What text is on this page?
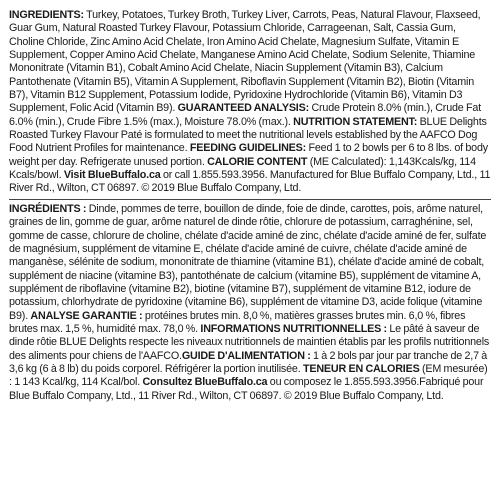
INGREDIENTS: Turkey, Potatoes, Turkey Broth, Turkey Liver, Carrots, Peas, Natural Flavour, Flaxseed, Guar Gum, Natural Roasted Turkey Flavour, Potassium Chloride, Carrageenan, Salt, Cassia Gum, Choline Chloride, Zinc Amino Acid Chelate, Iron Amino Acid Chelate, Magnesium Sulfate, Vitamin E Supplement, Copper Amino Acid Chelate, Manganese Amino Acid Chelate, Sodium Selenite, Thiamine Mononitrate (Vitamin B1), Cobalt Amino Acid Chelate, Niacin Supplement (Vitamin B3), Calcium Pantothenate (Vitamin B5), Vitamin A Supplement, Riboflavin Supplement (Vitamin B2), Biotin (Vitamin B7), Vitamin B12 Supplement, Potassium Iodide, Pyridoxine Hydrochloride (Vitamin B6), Vitamin D3 Supplement, Folic Acid (Vitamin B9). GUARANTEED ANALYSIS: Crude Protein 8.0% (min.), Crude Fat 6.0% (min.), Crude Fibre 1.5% (max.), Moisture 78.0% (max.). NUTRITION STATEMENT: BLUE Delights Roasted Turkey Flavour Paté is formulated to meet the nutritional levels established by the AAFCO Dog Food Nutrient Profiles for maintenance. FEEDING GUIDELINES: Feed 1 to 2 bowls per 6 to 8 lbs. of body weight per day. Refrigerate unused portion. CALORIE CONTENT (ME Calculated): 1,143Kcals/kg, 114 Kcals/bowl. Visit BlueBuffalo.ca or call 1.855.593.3956. Manufactured for Blue Buffalo Company, Ltd., 11 River Rd., Wilton, CT 06897. © 2019 Blue Buffalo Company, Ltd.
INGRÉDIENTS : Dinde, pommes de terre, bouillon de dinde, foie de dinde, carottes, pois, arôme naturel, graines de lin, gomme de guar, arôme naturel de dinde rôtie, chlorure de potassium, carraghénine, sel, gomme de casse, chlorure de choline, chélate d'acide aminé de zinc, chélate d'acide aminé de fer, sulfate de magnésium, supplément de vitamine E, chélate d'acide aminé de cuivre, chélate d'acide aminé de manganèse, sélénite de sodium, mononitrate de thiamine (vitamine B1), chélate d'acide aminé de cobalt, supplément de niacine (vitamine B3), pantothénate de calcium (vitamine B5), supplément de vitamine A, supplément de riboflavine (vitamine B2), biotine (vitamine B7), supplément de vitamine B12, iodure de potassium, chlorhydrate de pyridoxine (vitamine B6), supplément de vitamine D3, acide folique (vitamine B9). ANALYSE GARANTIE : protéines brutes min. 8,0 %, matières grasses brutes min. 6,0 %, fibres brutes max. 1,5 %, humidité max. 78,0 %. INFORMATIONS NUTRITIONNELLES : Le pâté à saveur de dinde rôtie BLUE Delights respecte les niveaux nutritionnels de maintien établis par les profils nutritionnels des aliments pour chiens de l'AAFCO.GUIDE D'ALIMENTATION : 1 à 2 bols par jour par tranche de 2,7 à 3,6 kg (6 à 8 lb) du poids corporel. Réfrigérer la portion inutilisée. TENEUR EN CALORIES (EM mesurée) : 1 143 Kcal/kg, 114 Kcal/bol. Consultez BlueBuffalo.ca ou composez le 1.855.593.3956.Fabriqué pour Blue Buffalo Company, Ltd., 11 River Rd., Wilton, CT 06897. © 2019 Blue Buffalo Company, Ltd.
